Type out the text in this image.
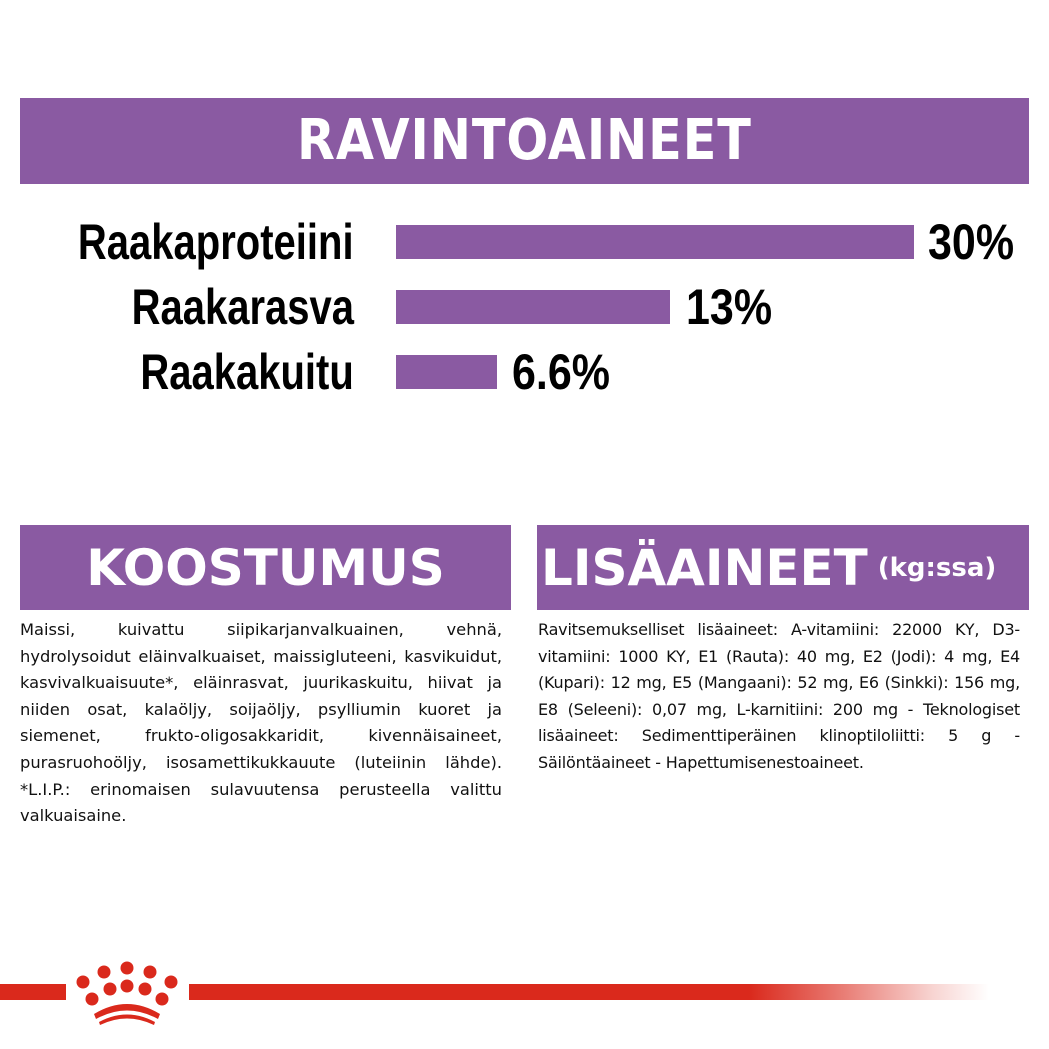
RAVINTOAINEET
Raakaproteiini	30%
Raakarasva	13%
Raakakuitu	6.6%
KOOSTUMUS

Maissi, kuivattu siipikarjanvalkuainen, vehnä, hydrolysoidut eläinvalkuaiset, maissigluteeni, kasvikuidut, kasvivalkuaisuute*, eläinrasvat, juurikaskuitu, hiivat ja niiden osat, kalaöljy, soijaöljy, psylliumin kuoret ja siemenet, frukto-oligosakkaridit, kivennäisaineet, purasruohoöljy, isosamettikukkauute (luteiinin lähde). *L.I.P.: erinomaisen sulavuutensa perusteella valittu valkuaisaine.

LISÄAINEET (kg:ssa)

Ravitsemukselliset lisäaineet: A-vitamiini: 22000 KY, D3-vitamiini: 1000 KY, E1 (Rauta): 40 mg, E2 (Jodi): 4 mg, E4 (Kupari): 12 mg, E5 (Mangaani): 52 mg, E6 (Sinkki): 156 mg, E8 (Seleeni): 0,07 mg, L-karnitiini: 200 mg - Teknologiset lisäaineet: Sedimenttiperäinen klinoptiloliitti: 5 g - Säilöntäaineet - Hapettumisenestoaineet.
